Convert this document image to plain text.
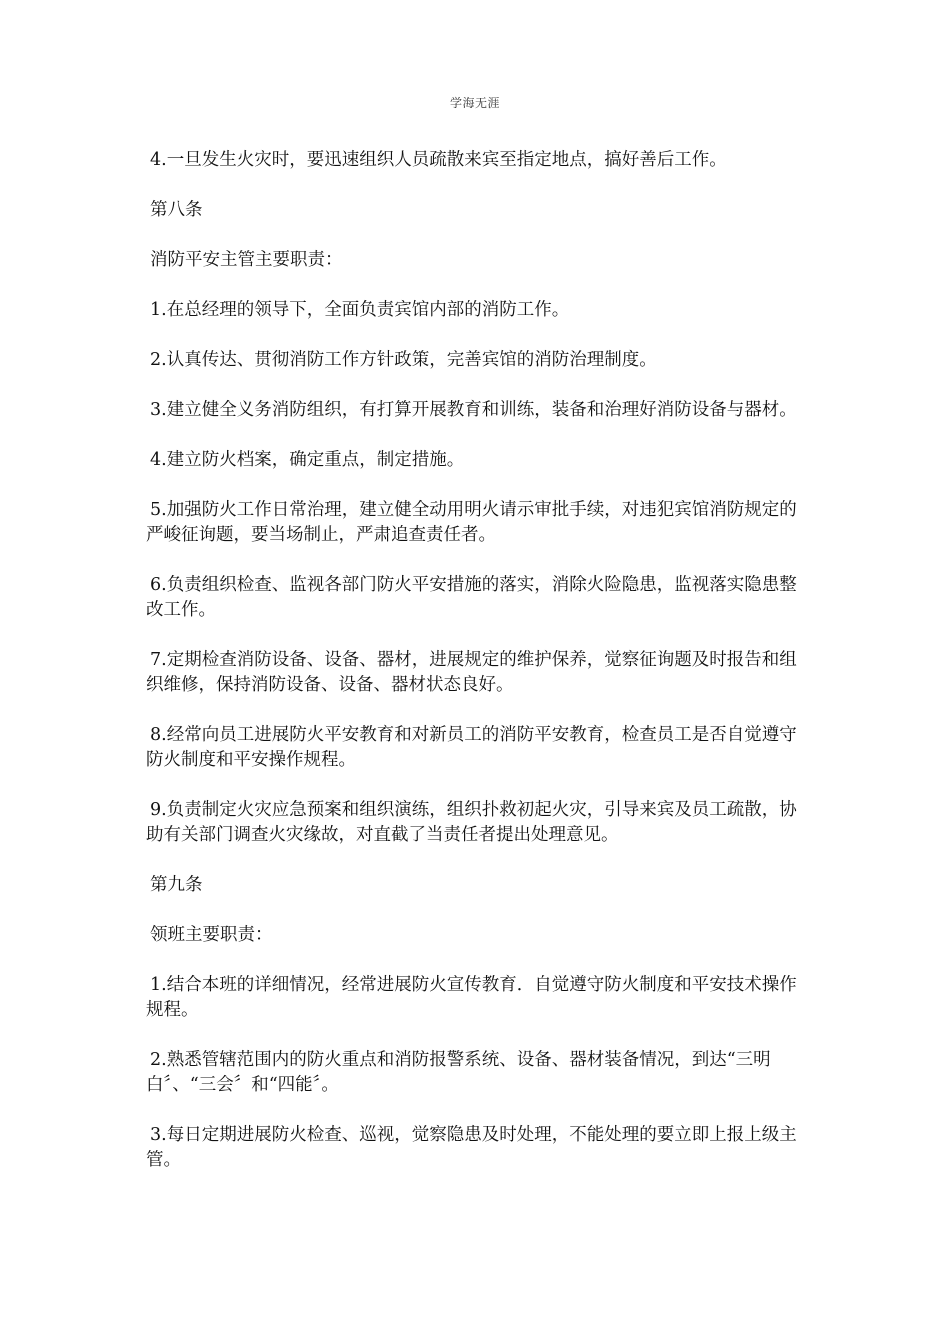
学海无涯

4.一旦发生火灾时，要迅速组织人员疏散来宾至指定地点，搞好善后工作。

第八条

消防平安主管主要职责：

1.在总经理的领导下，全面负责宾馆内部的消防工作。

2.认真传达、贯彻消防工作方针政策，完善宾馆的消防治理制度。

3.建立健全义务消防组织，有打算开展教育和训练，装备和治理好消防设备与器材。

4.建立防火档案，确定重点，制定措施。

5.加强防火工作日常治理，建立健全动用明火请示审批手续，对违犯宾馆消防规定的严峻征询题，要当场制止，严肃追查责任者。

6.负责组织检查、监视各部门防火平安措施的落实，消除火险隐患，监视落实隐患整改工作。

7.定期检查消防设备、设备、器材，进展规定的维护保养，觉察征询题及时报告和组织维修，保持消防设备、设备、器材状态良好。

8.经常向员工进展防火平安教育和对新员工的消防平安教育，检查员工是否自觉遵守防火制度和平安操作规程。

9.负责制定火灾应急预案和组织演练，组织扑救初起火灾，引导来宾及员工疏散，协助有关部门调查火灾缘故，对直截了当责任者提出处理意见。

第九条

领班主要职责：

1.结合本班的详细情况，经常进展防火宣传教育．自觉遵守防火制度和平安技术操作规程。

2.熟悉管辖范围内的防火重点和消防报警系统、设备、器材装备情况，到达“三明白〞、“三会〞和“四能〞。

3.每日定期进展防火检查、巡视，觉察隐患及时处理，不能处理的要立即上报上级主管。
